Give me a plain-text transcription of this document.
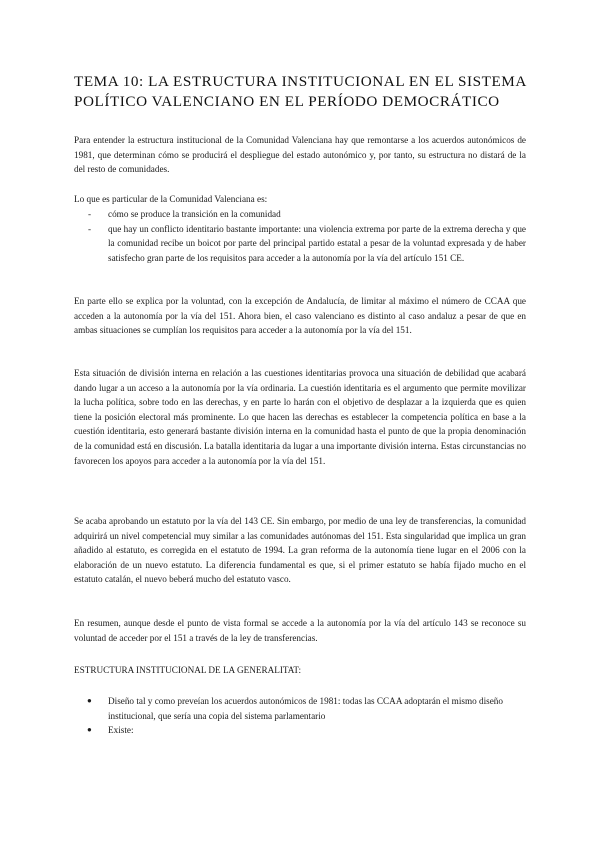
TEMA 10: LA ESTRUCTURA INSTITUCIONAL EN EL SISTEMA POLÍTICO VALENCIANO EN EL PERÍODO DEMOCRÁTICO

Para entender la estructura institucional de la Comunidad Valenciana hay que remontarse a los acuerdos autonómicos de 1981, que determinan cómo se producirá el despliegue del estado autonómico y, por tanto, su estructura no distará de la del resto de comunidades.

Lo que es particular de la Comunidad Valenciana es:

- cómo se produce la transición en la comunidad
- que hay un conflicto identitario bastante importante: una violencia extrema por parte de la extrema derecha y que la comunidad recibe un boicot por parte del principal partido estatal a pesar de la voluntad expresada y de haber satisfecho gran parte de los requisitos para acceder a la autonomía por la vía del artículo 151 CE.

En parte ello se explica por la voluntad, con la excepción de Andalucía, de limitar al máximo el número de CCAA que acceden a la autonomía por la vía del 151. Ahora bien, el caso valenciano es distinto al caso andaluz a pesar de que en ambas situaciones se cumplían los requisitos para acceder a la autonomía por la vía del 151.

Esta situación de división interna en relación a las cuestiones identitarias provoca una situación de debilidad que acabará dando lugar a un acceso a la autonomía por la vía ordinaria. La cuestión identitaria es el argumento que permite movilizar la lucha política, sobre todo en las derechas, y en parte lo harán con el objetivo de desplazar a la izquierda que es quien tiene la posición electoral más prominente. Lo que hacen las derechas es establecer la competencia política en base a la cuestión identitaria, esto generará bastante división interna en la comunidad hasta el punto de que la propia denominación de la comunidad está en discusión. La batalla identitaria da lugar a una importante división interna. Estas circunstancias no favorecen los apoyos para acceder a la autonomía por la vía del 151.

Se acaba aprobando un estatuto por la vía del 143 CE. Sin embargo, por medio de una ley de transferencias, la comunidad adquirirá un nivel competencial muy similar a las comunidades autónomas del 151. Esta singularidad que implica un gran añadido al estatuto, es corregida en el estatuto de 1994. La gran reforma de la autonomía tiene lugar en el 2006 con la elaboración de un nuevo estatuto. La diferencia fundamental es que, si el primer estatuto se había fijado mucho en el estatuto catalán, el nuevo beberá mucho del estatuto vasco.

En resumen, aunque desde el punto de vista formal se accede a la autonomía por la vía del artículo 143 se reconoce su voluntad de acceder por el 151 a través de la ley de transferencias.

ESTRUCTURA INSTITUCIONAL DE LA GENERALITAT:

● Diseño tal y como preveían los acuerdos autonómicos de 1981: todas las CCAA adoptarán el mismo diseño institucional, que sería una copia del sistema parlamentario
● Existe:
